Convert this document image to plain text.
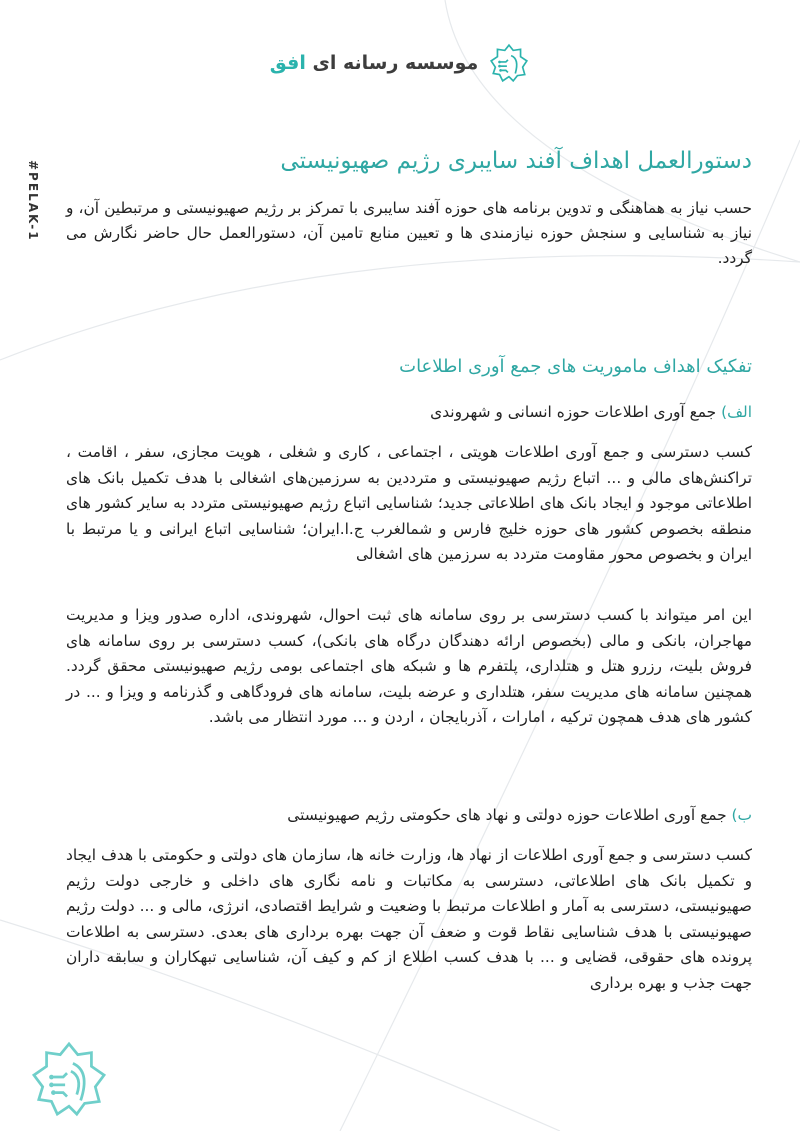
موسسه رسانه ای افق
#PELAK-1	دستورالعمل اهداف آفند سایبری رژیم صهیونیستی
حسب نیاز به هماهنگی و تدوین برنامه های حوزه آفند سایبری با تمرکز بر رژیم صهیونیستی و مرتبطین آن، و نیاز به شناسایی و سنجش حوزه نیازمندی ها و تعیین منابع تامین آن، دستورالعمل حال حاضر نگارش می گردد.
تفکیک اهداف ماموریت های جمع آوری اطلاعات
الف) جمع آوری اطلاعات حوزه انسانی و شهروندی
کسب دسترسی و جمع آوری اطلاعات هویتی ، اجتماعی ، کاری و شغلی ، هویت مجازی، سفر ، اقامت ، تراکنش‌های مالی و ... اتباع رژیم صهیونیستی و مترددین به سرزمین‌های اشغالی با هدف تکمیل بانک های اطلاعاتی موجود و ایجاد بانک های اطلاعاتی جدید؛ شناسایی اتباع رژیم صهیونیستی متردد به سایر کشور های منطقه بخصوص کشور های حوزه خلیج فارس و شمالغرب ج.ا.ایران؛ شناسایی اتباع ایرانی و یا مرتبط با ایران و بخصوص محور مقاومت متردد به سرزمین های اشغالی
این امر میتواند با کسب دسترسی بر روی سامانه های ثبت احوال، شهروندی، اداره صدور ویزا و مدیریت مهاجران، بانکی و مالی (بخصوص ارائه دهندگان درگاه های بانکی)، کسب دسترسی بر روی سامانه های فروش بلیت، رزرو هتل و هتلداری، پلتفرم ها و شبکه های اجتماعی بومی رژیم صهیونیستی محقق گردد. همچنین سامانه های مدیریت سفر، هتلداری و عرضه بلیت، سامانه های فرودگاهی و گذرنامه و ویزا و ... در کشور های هدف همچون ترکیه ، امارات ، آذربایجان ، اردن و ... مورد انتظار می باشد.
ب) جمع آوری اطلاعات حوزه دولتی و نهاد های حکومتی رژیم صهیونیستی
کسب دسترسی و جمع آوری اطلاعات از نهاد ها، وزارت خانه ها، سازمان های دولتی و حکومتی با هدف ایجاد و تکمیل بانک های اطلاعاتی، دسترسی به مکاتبات و نامه نگاری های داخلی و خارجی دولت رژیم صهیونیستی، دسترسی به آمار و اطلاعات مرتبط با وضعیت و شرایط اقتصادی، انرژی، مالی و ... دولت رژیم صهیونیستی با هدف شناسایی نقاط قوت و ضعف آن جهت بهره برداری های بعدی. دسترسی به اطلاعات پرونده های حقوقی، قضایی و ... با هدف کسب اطلاع از کم و کیف آن، شناسایی تبهکاران و سابقه داران جهت جذب و بهره برداری
